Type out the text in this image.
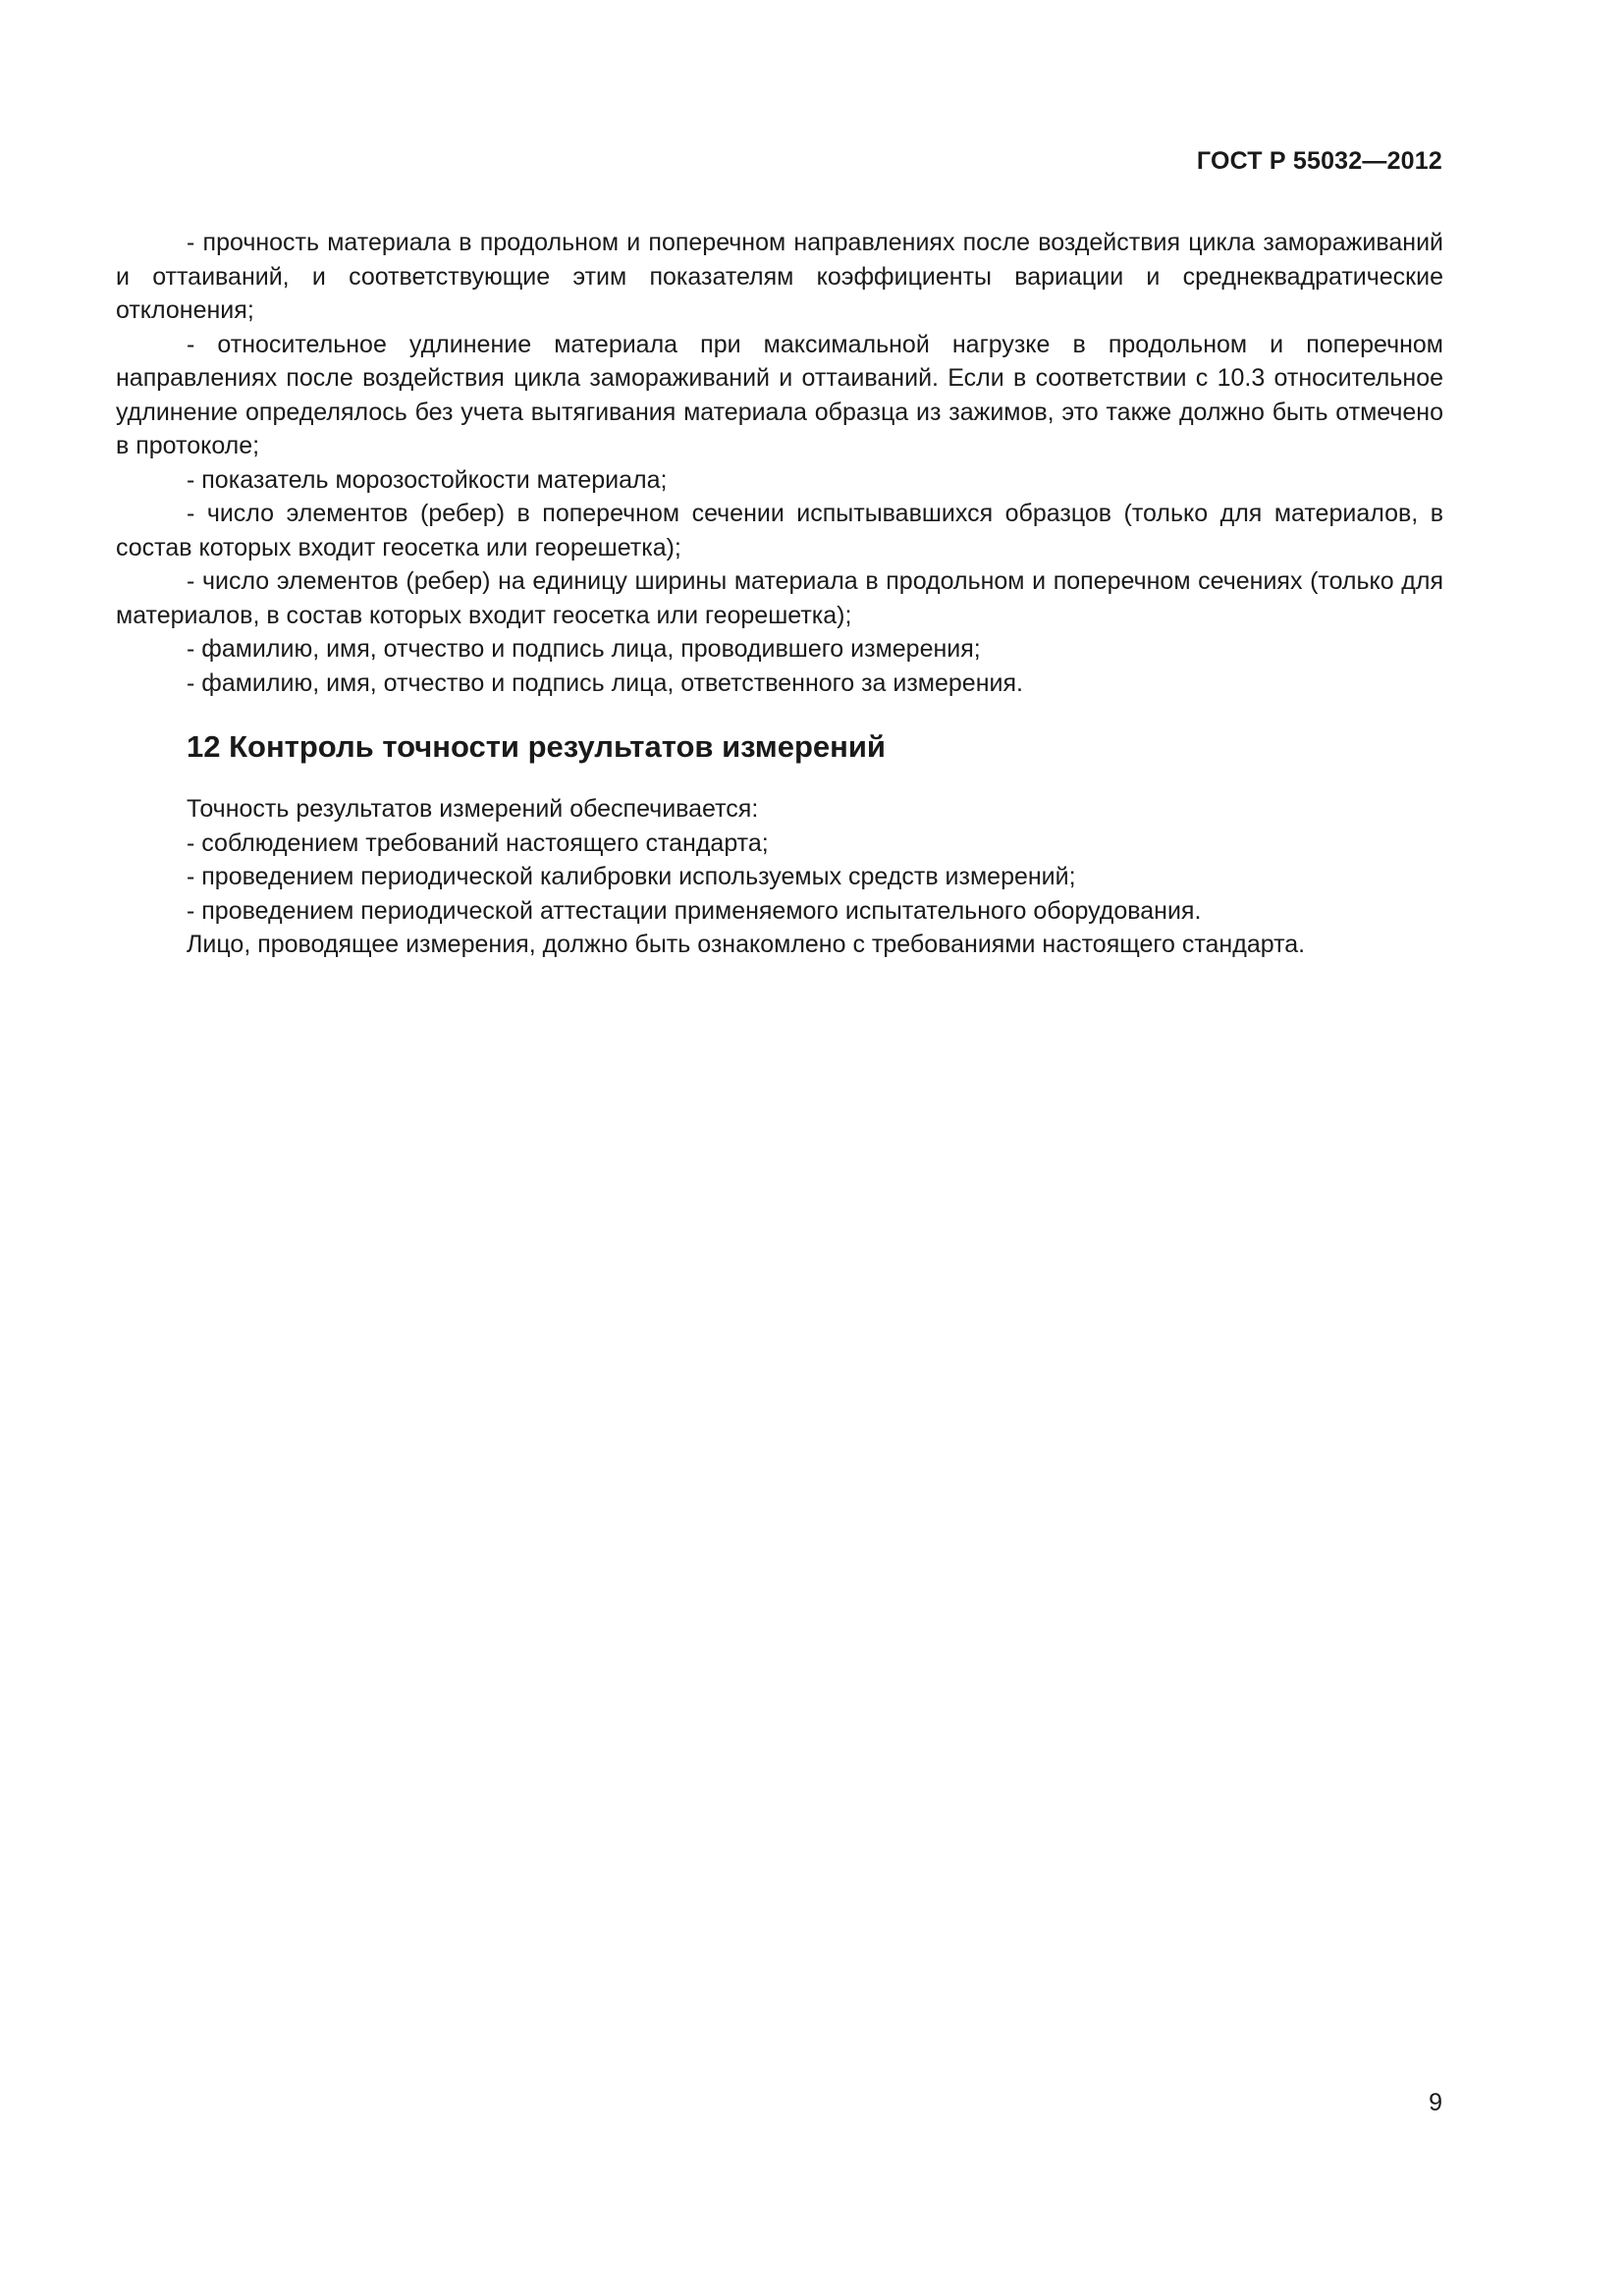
ГОСТ Р 55032—2012

- прочность материала в продольном и поперечном направлениях после воздействия цикла замораживаний и оттаиваний, и соответствующие этим показателям коэффициенты вариации и среднеквадратические отклонения;

- относительное удлинение материала при максимальной нагрузке в продольном и поперечном направлениях после воздействия цикла замораживаний и оттаиваний. Если в соответствии с 10.3 относительное удлинение определялось без учета вытягивания материала образца из зажимов, это также должно быть отмечено в протоколе;

- показатель морозостойкости материала;

- число элементов (ребер) в поперечном сечении испытывавшихся образцов (только для материалов, в состав которых входит геосетка или георешетка);

- число элементов (ребер) на единицу ширины материала в продольном и поперечном сечениях (только для материалов, в состав которых входит геосетка или георешетка);

- фамилию, имя, отчество и подпись лица, проводившего измерения;

- фамилию, имя, отчество и подпись лица, ответственного за измерения.

12 Контроль точности результатов измерений

Точность результатов измерений обеспечивается:

- соблюдением требований настоящего стандарта;

- проведением периодической калибровки используемых средств измерений;

- проведением периодической аттестации применяемого испытательного оборудования.

Лицо, проводящее измерения, должно быть ознакомлено с требованиями настоящего стандарта.

9
